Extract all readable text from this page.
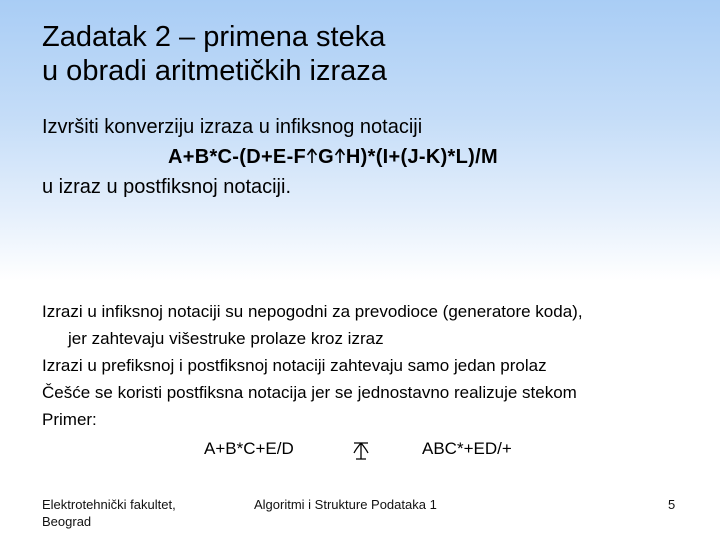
Zadatak 2 – primena steka
u obradi aritmetičkih izraza
Izvršiti konverziju izraza u infiksnog notaciji
A+B*C-(D+E-F G H)*(I+(J-K)*L)/M
u izraz u postfiksnoj notaciji.
Izrazi u infiksnoj notaciji su nepogodni za prevodioce (generatore koda),
jer zahtevaju višestruke prolaze kroz izraz
Izrazi u prefiksnoj i postfiksnoj notaciji zahtevaju samo jedan prolaz
Češće se koristi postfiksna notacija jer se jednostavno realizuje stekom
Primer:
A+B*C+E/D	ABC*+ED/+
Elektrotehnički fakultet,
Beograd
Algoritmi i Strukture Podataka 1	5
